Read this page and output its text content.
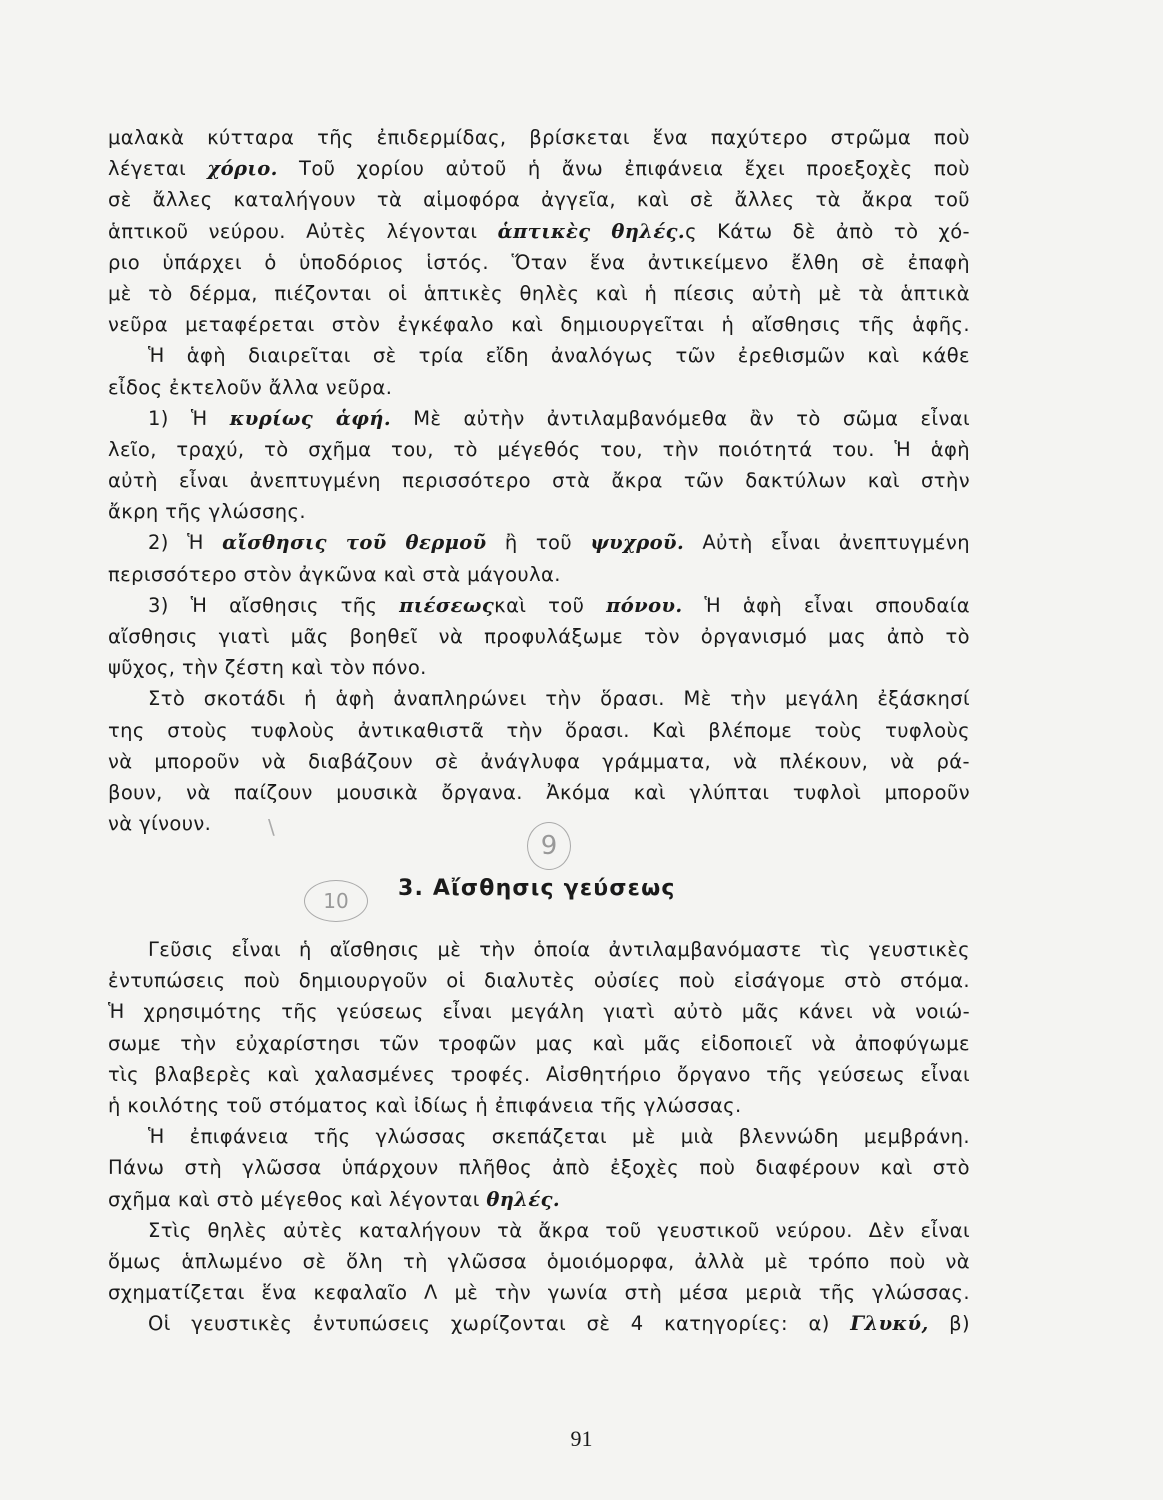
μαλακὰ κύτταρα τῆς ἐπιδερμίδας, βρίσκεται ἕνα παχύτερο στρῶμα ποὺ
λέγεται χόριο. Τοῦ χορίου αὐτοῦ ἡ ἄνω ἐπιφάνεια ἔχει προεξοχὲς ποὺ
σὲ ἄλλες καταλήγουν τὰ αἱμοφόρα ἀγγεῖα, καὶ σὲ ἄλλες τὰ ἄκρα τοῦ
ἁπτικοῦ νεύρου. Αὐτὲς λέγονται ἁπτικὲς θηλές.ς Κάτω δὲ ἀπὸ τὸ χό-
ριο ὑπάρχει ὁ ὑποδόριος ἱστός. Ὅταν ἕνα ἀντικείμενο ἔλθη σὲ ἐπαφὴ
μὲ τὸ δέρμα, πιέζονται οἱ ἁπτικὲς θηλὲς καὶ ἡ πίεσις αὐτὴ μὲ τὰ ἁπτικὰ
νεῦρα μεταφέρεται στὸν ἐγκέφαλο καὶ δημιουργεῖται ἡ αἴσθησις τῆς ἁφῆς.
Ἡ ἁφὴ διαιρεῖται σὲ τρία εἴδη ἀναλόγως τῶν ἐρεθισμῶν καὶ κάθε
εἶδος ἐκτελοῦν ἄλλα νεῦρα.
1) Ἡ κυρίως ἁφή. Μὲ αὐτὴν ἀντιλαμβανόμεθα ἂν τὸ σῶμα εἶναι
λεῖο, τραχύ, τὸ σχῆμα του, τὸ μέγεθός του, τὴν ποιότητά του. Ἡ ἁφὴ
αὐτὴ εἶναι ἀνεπτυγμένη περισσότερο στὰ ἄκρα τῶν δακτύλων καὶ στὴν
ἄκρη τῆς γλώσσης.
2) Ἡ αἴσθησις τοῦ θερμοῦ ἢ τοῦ ψυχροῦ. Αὐτὴ εἶναι ἀνεπτυγμένη
περισσότερο στὸν ἀγκῶνα καὶ στὰ μάγουλα.
3) Ἡ αἴσθησις τῆς πιέσεωςκαὶ τοῦ πόνου. Ἡ ἁφὴ εἶναι σπουδαία
αἴσθησις γιατὶ μᾶς βοηθεῖ νὰ προφυλάξωμε τὸν ὀργανισμό μας ἀπὸ τὸ
ψῦχος, τὴν ζέστη καὶ τὸν πόνο.
Στὸ σκοτάδι ἡ ἁφὴ ἀναπληρώνει τὴν ὅρασι. Μὲ τὴν μεγάλη ἐξάσκησί
της στοὺς τυφλοὺς ἀντικαθιστᾶ τὴν ὅρασι. Καὶ βλέπομε τοὺς τυφλοὺς
νὰ μποροῦν νὰ διαβάζουν σὲ ἀνάγλυφα γράμματα, νὰ πλέκουν, νὰ ρά-
βουν, νὰ παίζουν μουσικὰ ὄργανα. Ἀκόμα καὶ γλύπται τυφλοὶ μποροῦν
νὰ γίνουν.	\
9
10	3. Αἴσθησις γεύσεως
Γεῦσις εἶναι ἡ αἴσθησις μὲ τὴν ὁποία ἀντιλαμβανόμαστε τὶς γευστικὲς
ἐντυπώσεις ποὺ δημιουργοῦν οἱ διαλυτὲς οὐσίες ποὺ εἰσάγομε στὸ στόμα.
Ἡ χρησιμότης τῆς γεύσεως εἶναι μεγάλη γιατὶ αὐτὸ μᾶς κάνει νὰ νοιώ-
σωμε τὴν εὐχαρίστησι τῶν τροφῶν μας καὶ μᾶς εἰδοποιεῖ νὰ ἀποφύγωμε
τὶς βλαβερὲς καὶ χαλασμένες τροφές. Αἰσθητήριο ὄργανο τῆς γεύσεως εἶναι
ἡ κοιλότης τοῦ στόματος καὶ ἰδίως ἡ ἐπιφάνεια τῆς γλώσσας.
Ἡ ἐπιφάνεια τῆς γλώσσας σκεπάζεται μὲ μιὰ βλεννώδη μεμβράνη.
Πάνω στὴ γλῶσσα ὑπάρχουν πλῆθος ἀπὸ ἐξοχὲς ποὺ διαφέρουν καὶ στὸ
σχῆμα καὶ στὸ μέγεθος καὶ λέγονται θηλές.
Στὶς θηλὲς αὐτὲς καταλήγουν τὰ ἄκρα τοῦ γευστικοῦ νεύρου. Δὲν εἶναι
ὅμως ἁπλωμένο σὲ ὅλη τὴ γλῶσσα ὁμοιόμορφα, ἀλλὰ μὲ τρόπο ποὺ νὰ
σχηματίζεται ἕνα κεφαλαῖο Λ μὲ τὴν γωνία στὴ μέσα μεριὰ τῆς γλώσσας.
Οἱ γευστικὲς ἐντυπώσεις χωρίζονται σὲ 4 κατηγορίες: α) Γλυκύ, β)
91
